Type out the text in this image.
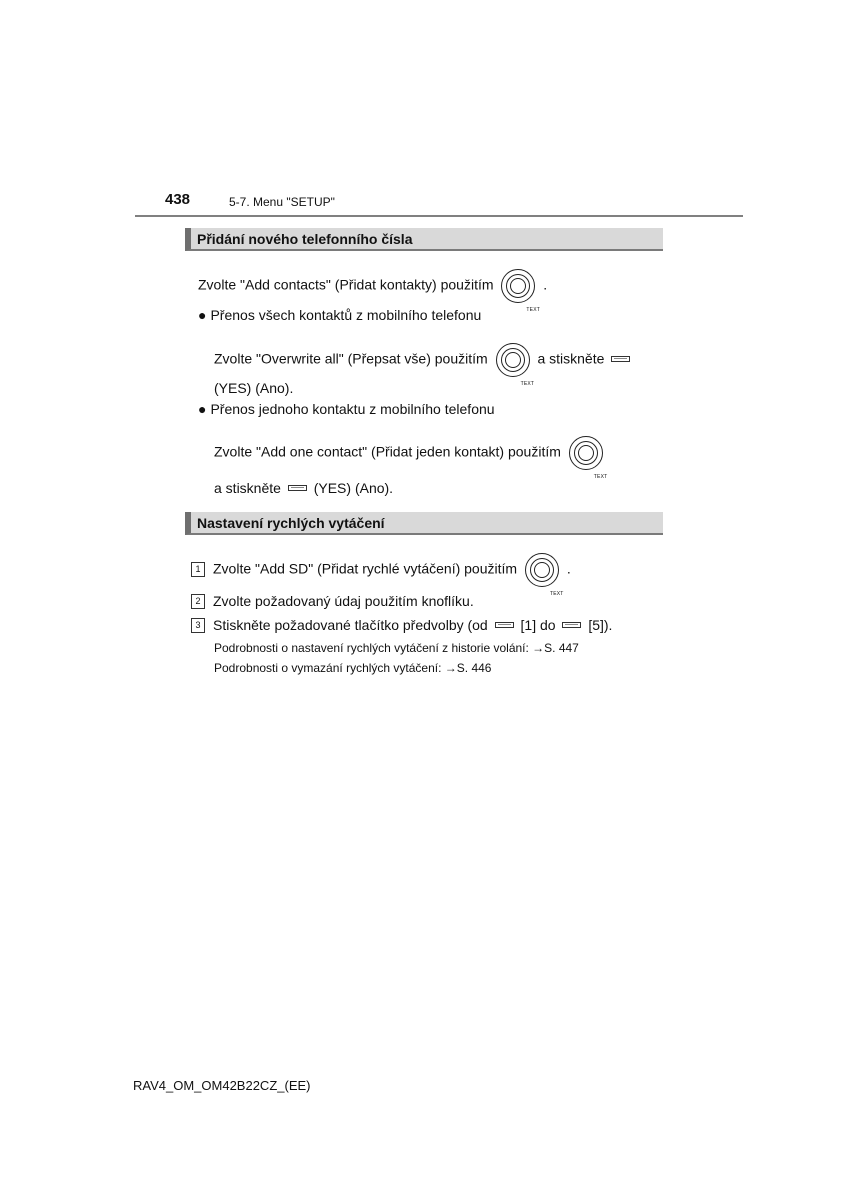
438	5-7. Menu "SETUP"
Přidání nového telefonního čísla
Zvolte "Add contacts" (Přidat kontakty) použitím
TEXT
.
● Přenos všech kontaktů z mobilního telefonu
Zvolte "Overwrite all" (Přepsat vše) použitím
TEXT
a stiskněte
(YES) (Ano).
● Přenos jednoho kontaktu z mobilního telefonu
Zvolte "Add one contact" (Přidat jeden kontakt) použitím
TEXT
a stiskněte (YES) (Ano).
Nastavení rychlých vytáčení
1 Zvolte "Add SD" (Přidat rychlé vytáčení) použitím
TEXT
.
2 Zvolte požadovaný údaj použitím knoflíku.
3 Stiskněte požadované tlačítko předvolby (od [1] do [5]).
Podrobnosti o nastavení rychlých vytáčení z historie volání: →S. 447
Podrobnosti o vymazání rychlých vytáčení: →S. 446
RAV4_OM_OM42B22CZ_(EE)
